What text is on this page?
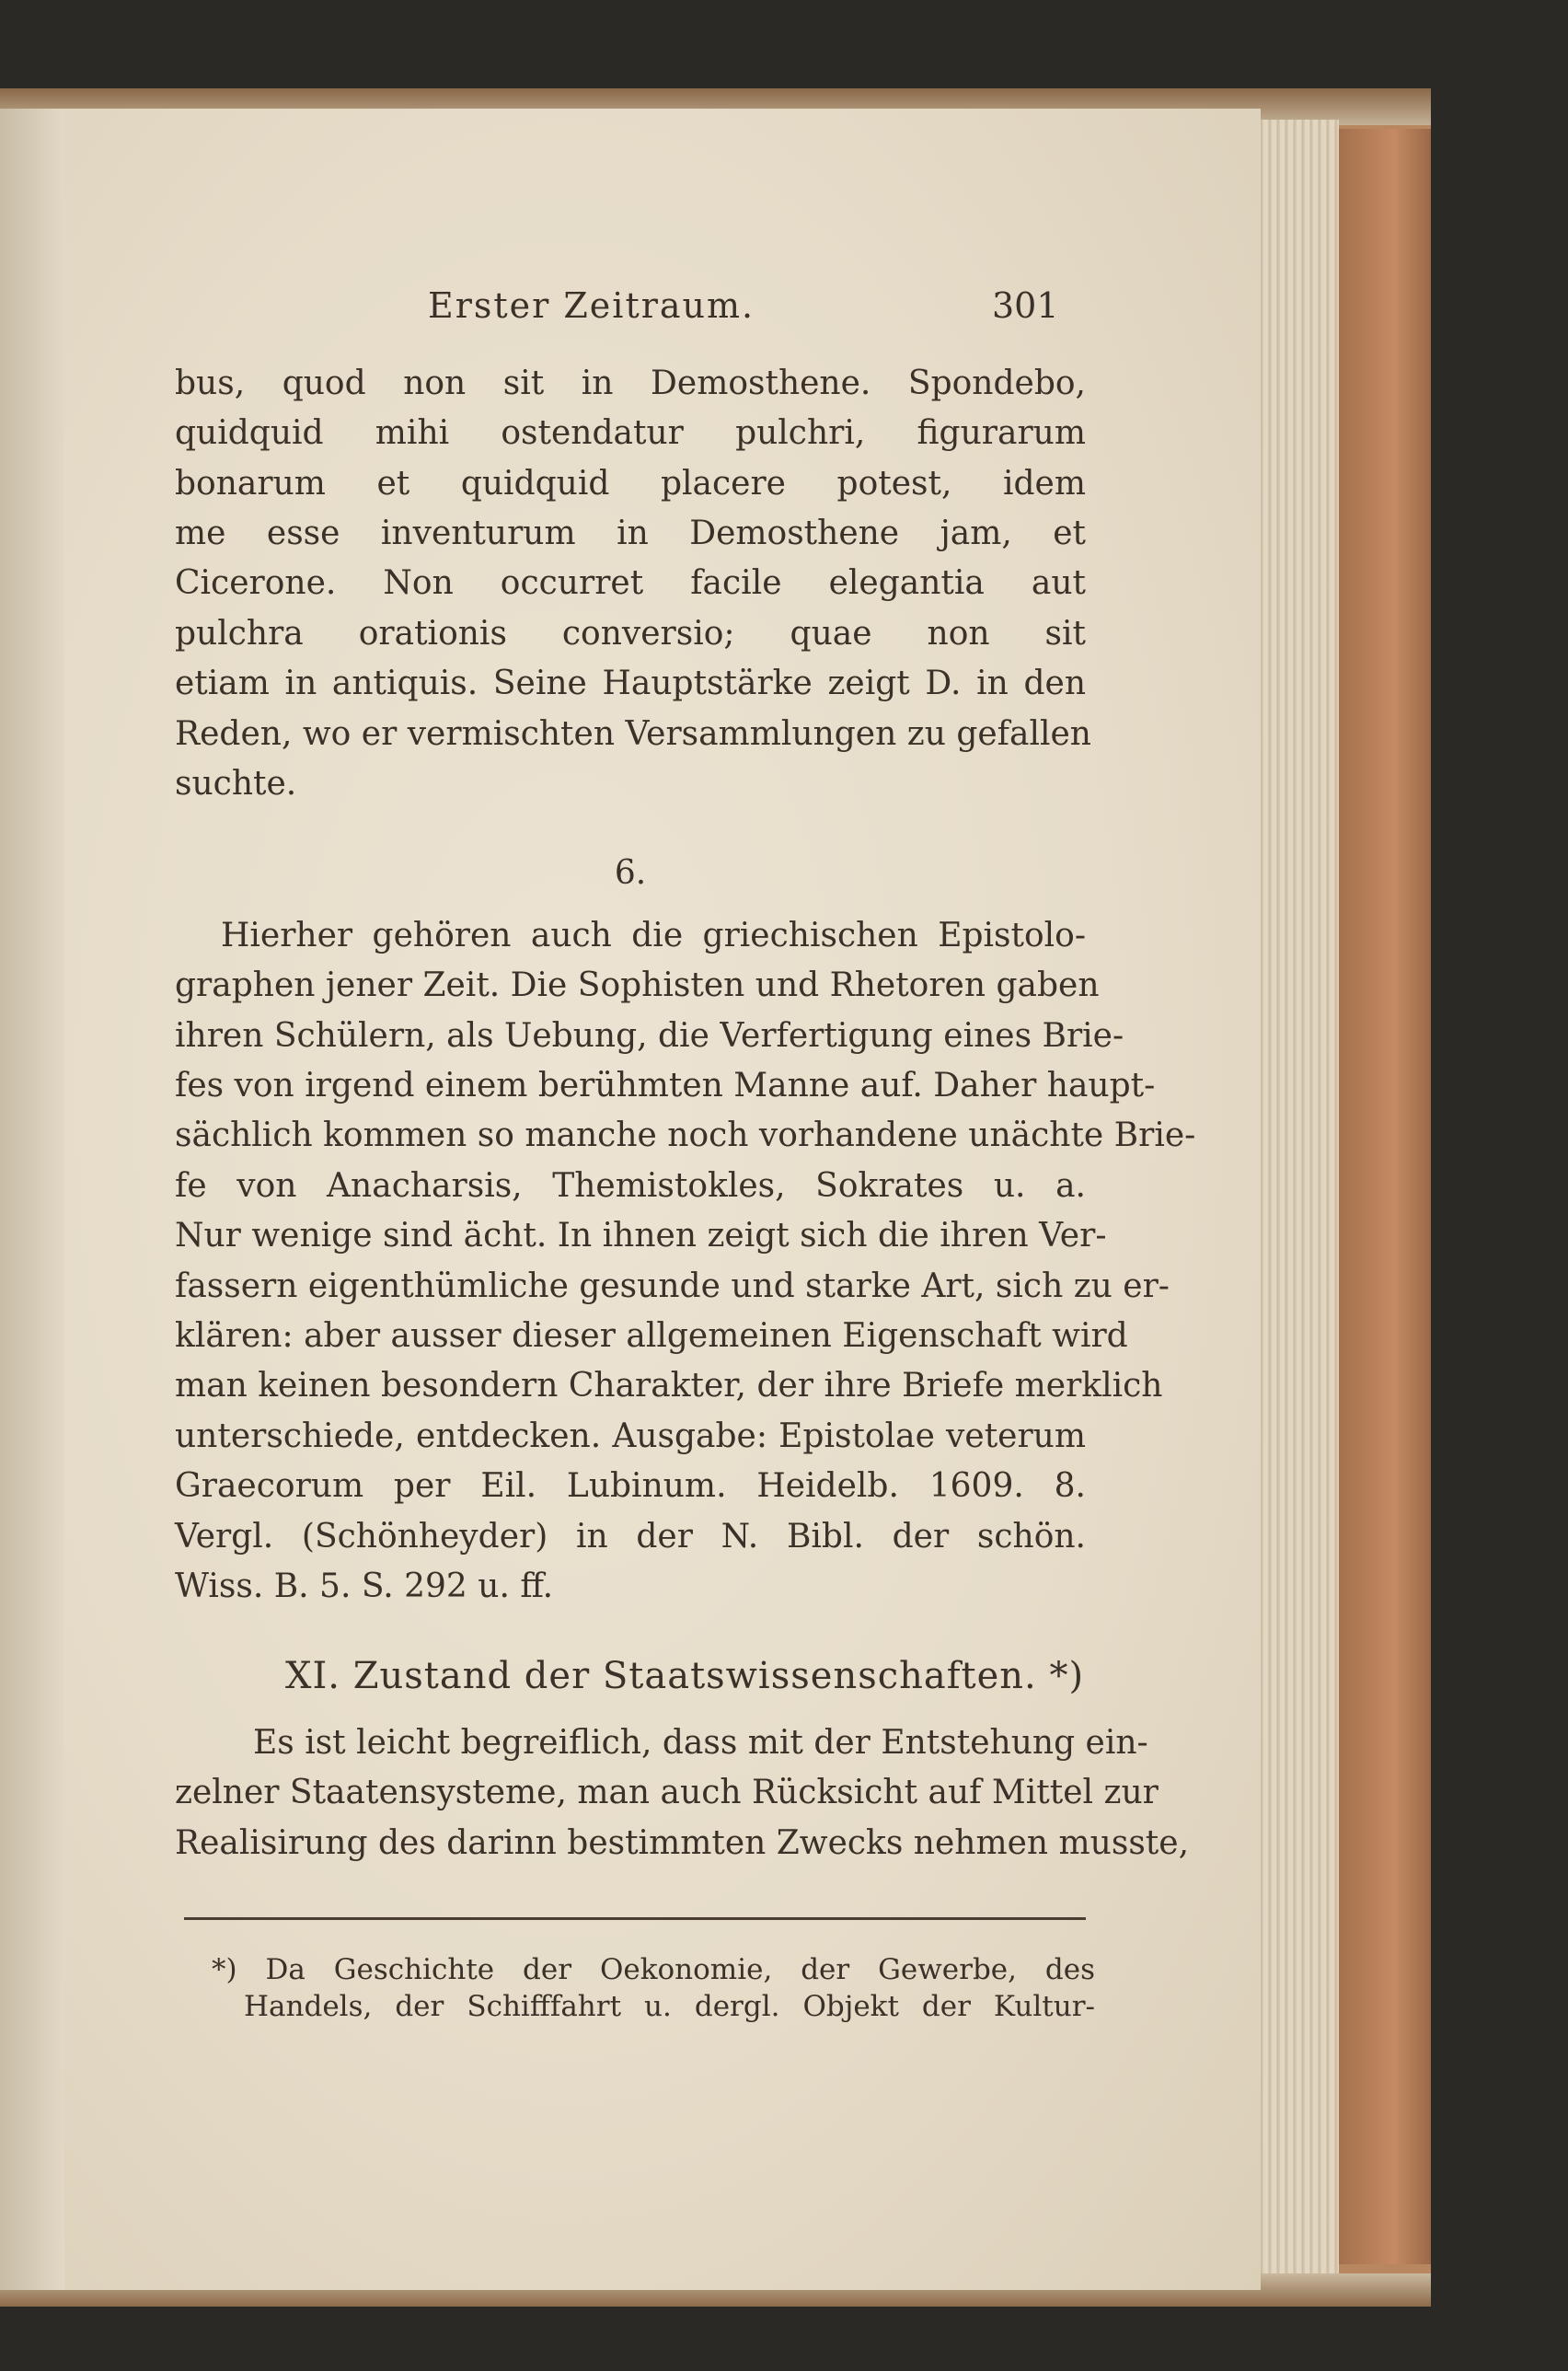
Erster Zeitraum.	301
bus, quod non sit in Demosthene. Spondebo,
quidquid mihi ostendatur pulchri, figurarum
bonarum et quidquid placere potest, idem
me esse inventurum in Demosthene jam, et
Cicerone. Non occurret facile elegantia aut
pulchra orationis conversio; quae non sit
etiam in antiquis. Seine Hauptstärke zeigt D. in den
Reden, wo er vermischten Versammlungen zu gefallen
suchte.
6.
Hierher gehören auch die griechischen Epistolo-
graphen jener Zeit. Die Sophisten und Rhetoren gaben
ihren Schülern, als Uebung, die Verfertigung eines Brie-
fes von irgend einem berühmten Manne auf. Daher haupt-
sächlich kommen so manche noch vorhandene unächte Brie-
fe von Anacharsis, Themistokles, Sokrates u. a.
Nur wenige sind ächt. In ihnen zeigt sich die ihren Ver-
fassern eigenthümliche gesunde und starke Art, sich zu er-
klären: aber ausser dieser allgemeinen Eigenschaft wird
man keinen besondern Charakter, der ihre Briefe merklich
unterschiede, entdecken. Ausgabe: Epistolae veterum
Graecorum per Eil. Lubinum. Heidelb. 1609. 8.
Vergl. (Schönheyder) in der N. Bibl. der schön.
Wiss. B. 5. S. 292 u. ff.
XI. Zustand der Staatswissenschaften. *)
Es ist leicht begreiflich, dass mit der Entstehung ein-
zelner Staatensysteme, man auch Rücksicht auf Mittel zur
Realisirung des darinn bestimmten Zwecks nehmen musste,
*) Da Geschichte der Oekonomie, der Gewerbe, des
Handels, der Schifffahrt u. dergl. Objekt der Kultur-
